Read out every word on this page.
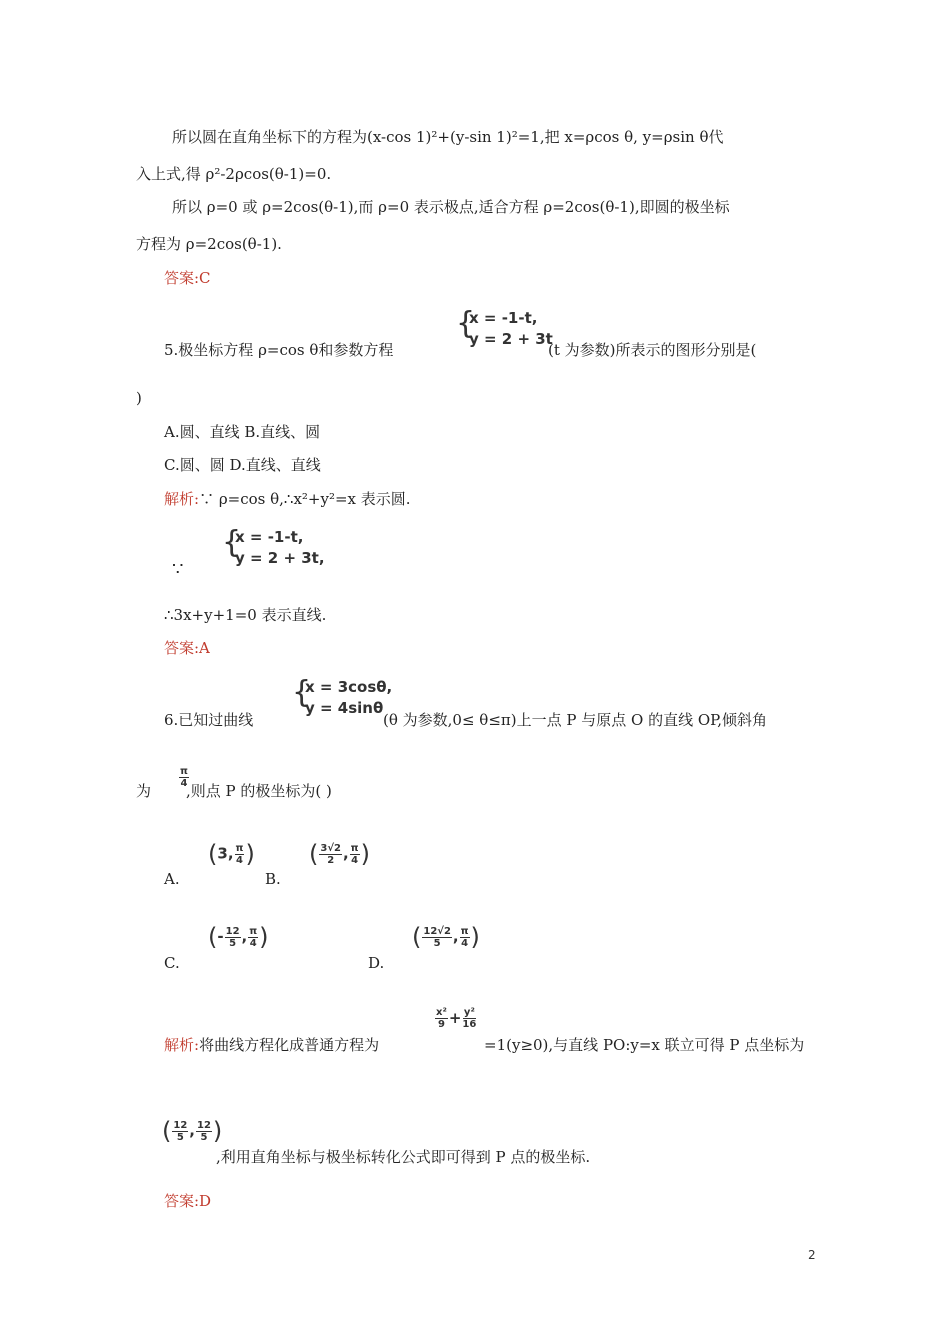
所以圆在直角坐标下的方程为(x-cos 1)²+(y-sin 1)²=1,把 x=ρcos θ, y=ρsin θ代
入上式,得 ρ²-2ρcos(θ-1)=0.
所以 ρ=0 或 ρ=2cos(θ-1),而 ρ=0 表示极点,适合方程 ρ=2cos(θ-1),即圆的极坐标
方程为 ρ=2cos(θ-1).
答案:C
{
x = -1-t,
y = 2 + 3t
5.极坐标方程 ρ=cos θ和参数方程	(t 为参数)所表示的图形分别是(
)
A.圆、直线 B.直线、圆
C.圆、圆 D.直线、直线
解析:∵ ρ=cos θ,∴x²+y²=x 表示圆.
{
x = -1-t,
y = 2 + 3t,
∵
∴3x+y+1=0 表示直线.
答案:A
{
x = 3cosθ,
y = 4sinθ
6.已知过曲线	(θ 为参数,0≤ θ≤π)上一点 P 与原点 O 的直线 OP,倾斜角
为
$\frac{\pi}{4}$
,则点 P 的极坐标为( )
A.
(3, $\frac{\pi}{4}$ )
B.
( $\frac{3√2}{2}$ , $\frac{\pi}{4}$ )
C.
(- $\frac{12}{5}$ , $\frac{\pi}{4}$ )
D.
( $\frac{12√2}{5}$ , $\frac{\pi}{4}$ )
$\frac{\text{x²}}{9} + \frac{\text{y²}}{16}$
解析:将曲线方程化成普通方程为	=1(y≥0),与直线 PO:y=x 联立可得 P 点坐标为
( $\frac{12}{5}$ , $\frac{12}{5}$ )
,利用直角坐标与极坐标转化公式即可得到 P 点的极坐标.
答案:D
2
